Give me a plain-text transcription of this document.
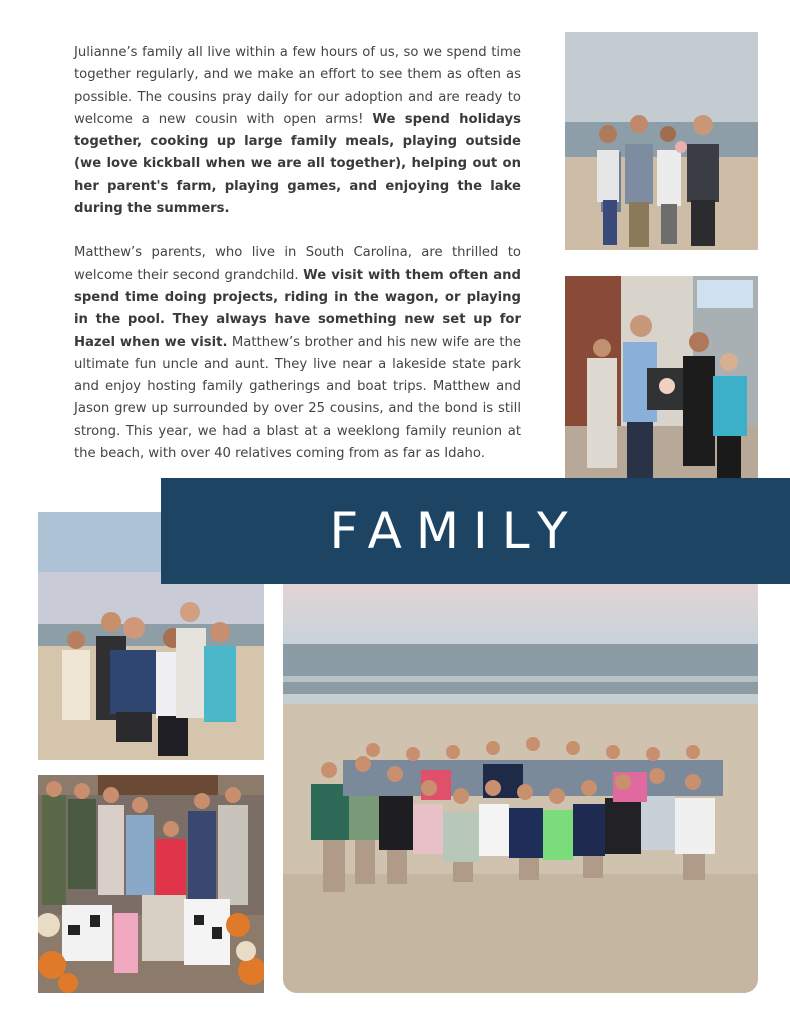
Julianne’s family all live within a few hours of us, so we spend time together regularly, and we make an effort to see them as often as possible. The cousins pray daily for our adoption and are ready to welcome a new cousin with open arms! We spend holidays together, cooking up large family meals, playing outside (we love kickball when we are all together), helping out on her parent's farm, playing games, and enjoying the lake during the summers.

Matthew’s parents, who live in South Carolina, are thrilled to welcome their second grandchild. We visit with them often and spend time doing projects, riding in the wagon, or playing in the pool. They always have something new set up for Hazel when we visit. Matthew’s brother and his new wife are the ultimate fun uncle and aunt. They live near a lakeside state park and enjoy hosting family gatherings and boat trips. Matthew and Jason grew up surrounded by over 25 cousins, and the bond is still strong. This year, we had a blast at a weeklong family reunion at the beach, with over 40 relatives coming from as far as Idaho.

FAMILY
